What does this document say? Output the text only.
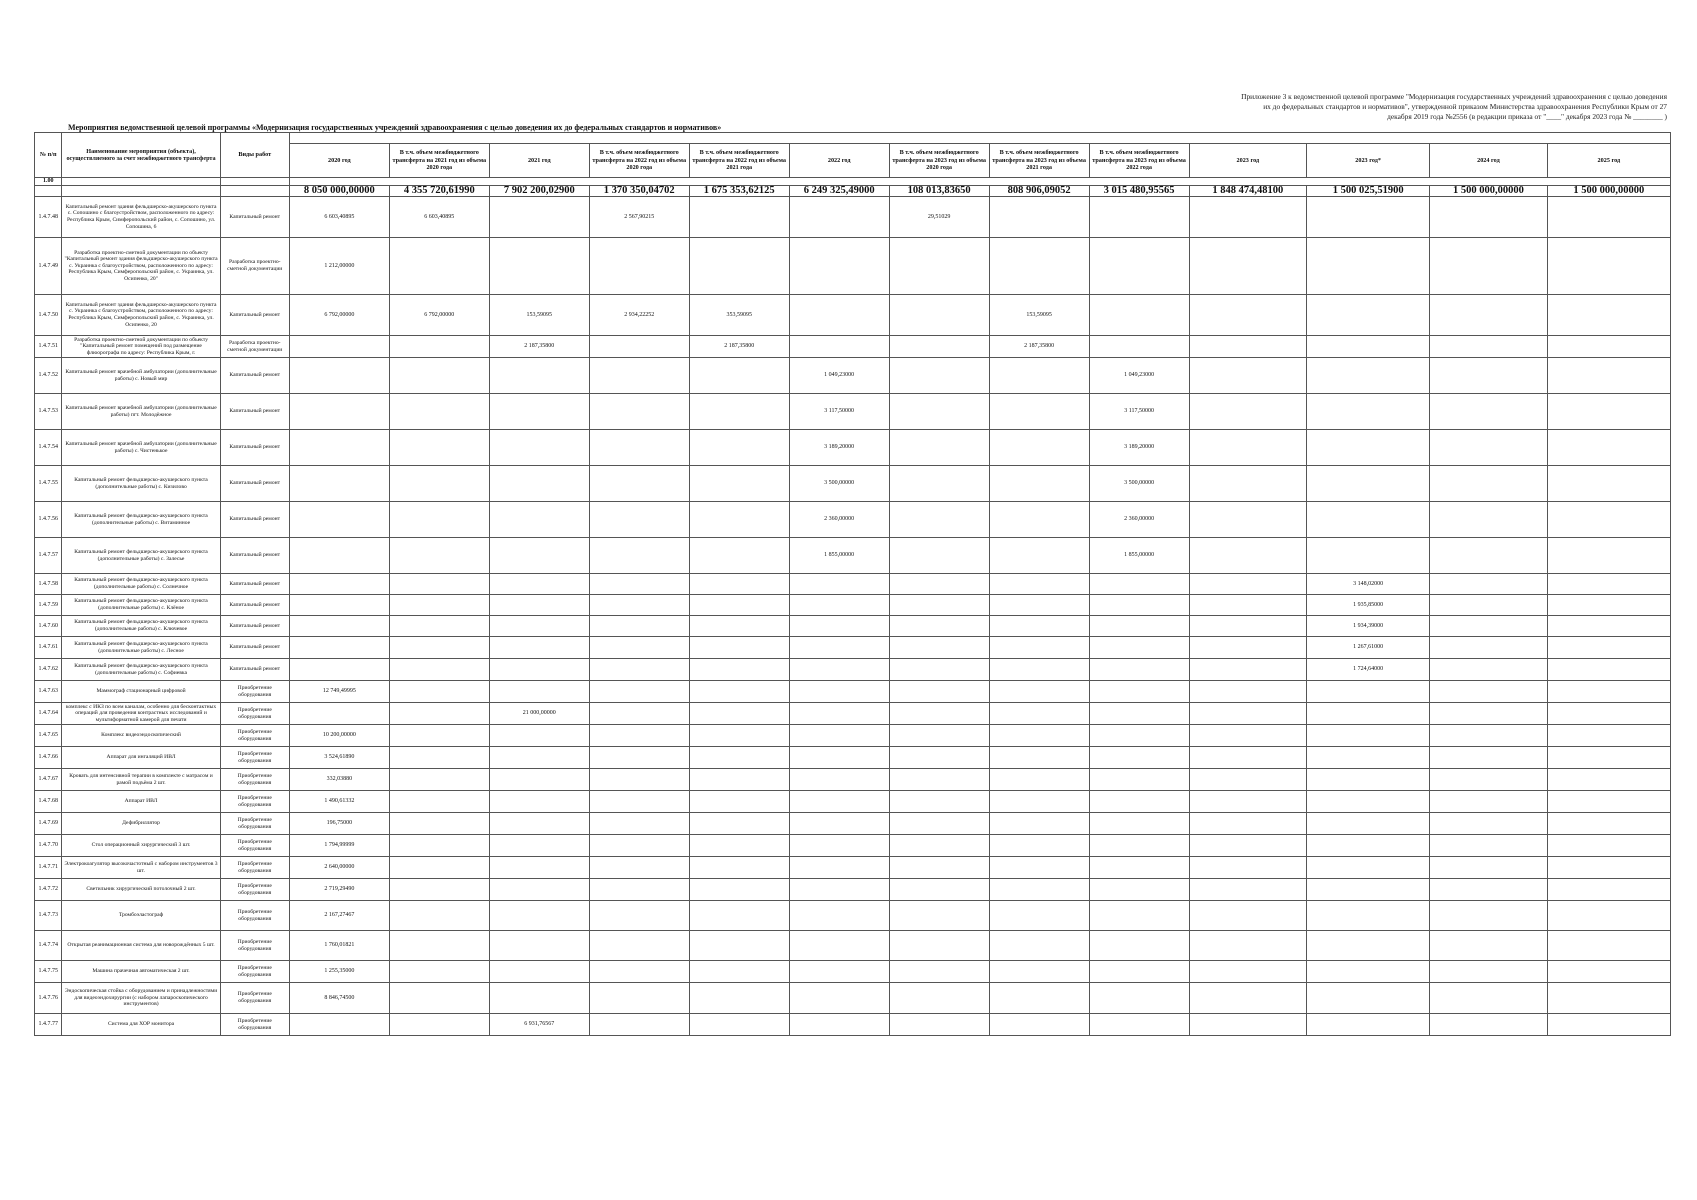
Приложение 3 к ведомственной целевой программе "Модернизация государственных учреждений здравоохранения с целью доведения
их до федеральных стандартов и нормативов", утвержденной приказом Министерства здравоохранения Республики Крым от 27
декабря 2019 года №2556 (в редакции приказа от "____" декабря 2023 года № ________ )
Мероприятия ведомственной целевой программы «Модернизация государственных учреждений здравоохранения с целью доведения их до федеральных стандартов и нормативов»
№ п/п	Наименование мероприятия (объекта), осуществляемого за счет межбюджетного трансферта	Виды работ													
			2020 год	В т.ч. объем межбюджетного трансферта на 2021 год из объема 2020 года	2021 год	В т.ч. объем межбюджетного трансферта на 2022 год из объема 2020 года	В т.ч. объем межбюджетного трансферта на 2022 год из объема 2021 года	2022 год	В т.ч. объем межбюджетного трансферта на 2023 год из объема 2020 года	В т.ч. объем межбюджетного трансферта на 2023 год из объема 2021 года	В т.ч. объем межбюджетного трансферта на 2023 год из объема 2022 года	2023 год	2023 год*	2024 год	2025 год
1.00															
			8 050 000,00000	4 355 720,61990	7 902 200,02900	1 370 350,04702	1 675 353,62125	6 249 325,49000	108 013,83650	808 906,09052	3 015 480,95565	1 848 474,48100	1 500 025,51900	1 500 000,00000	1 500 000,00000
1.4.7.48	Капитальный ремонт здания фельдшерско-акушерского пункта с. Сопошино с благоустройством, расположенного по адресу: Республика Крым, Симферопольский район, с. Сопошино, ул. Сопошина, 6	Капитальный ремонт	6 603,40895	6 603,40895		2 567,90215			29,51029						
1.4.7.49	Разработка проектно-сметной документации по объекту "Капитальный ремонт здания фельдшерско-акушерского пункта с. Украинка с благоустройством, расположенного по адресу: Республика Крым, Симферопольский район, с. Украинка, ул. Осипенко, 20"	Разработка проектно-сметной документации	1 212,00000												
1.4.7.50	Капитальный ремонт здания фельдшерско-акушерского пункта с. Украинка с благоустройством, расположенного по адресу: Республика Крым, Симферопольский район, с. Украинка, ул. Осипенко, 20	Капитальный ремонт	6 792,00000	6 792,00000	153,59095	2 934,22252	353,59095			153,59095					
1.4.7.51	Разработка проектно-сметной документации по объекту "Капитальный ремонт помещений под размещение флюорографа по адресу: Республика Крым, г.	Разработка проектно-сметной документации			2 187,35800		2 187,35800			2 187,35800					
1.4.7.52	Капитальный ремонт врачебной амбулатории (дополнительные работы) с. Новый мир	Капитальный ремонт						1 049,23000			1 049,23000				
1.4.7.53	Капитальный ремонт врачебной амбулатории (дополнительные работы) пгт. Молодёжное	Капитальный ремонт						3 117,50000			3 117,50000				
1.4.7.54	Капитальный ремонт врачебной амбулатории (дополнительные работы) с. Чистенькое	Капитальный ремонт						3 189,20000			3 189,20000				
1.4.7.55	Капитальный ремонт фельдшерско-акушерского пункта (дополнительные работы) с. Кизилово	Капитальный ремонт						3 500,00000			3 500,00000				
1.4.7.56	Капитальный ремонт фельдшерско-акушерского пункта (дополнительные работы) с. Витаминное	Капитальный ремонт						2 360,00000			2 360,00000				
1.4.7.57	Капитальный ремонт фельдшерско-акушерского пункта (дополнительные работы) с. Залесье	Капитальный ремонт						1 855,00000			1 855,00000				
1.4.7.58	Капитальный ремонт фельдшерско-акушерского пункта (дополнительные работы) с. Солнечное	Капитальный ремонт											3 148,02000		
1.4.7.59	Капитальный ремонт фельдшерско-акушерского пункта (дополнительные работы) с. Клёное	Капитальный ремонт											1 935,85000		
1.4.7.60	Капитальный ремонт фельдшерско-акушерского пункта (дополнительные работы) с. Ключевое	Капитальный ремонт											1 934,39000		
1.4.7.61	Капитальный ремонт фельдшерско-акушерского пункта (дополнительные работы) с. Лесное	Капитальный ремонт											1 267,61000		
1.4.7.62	Капитальный ремонт фельдшерско-акушерского пункта (дополнительные работы) с. Софиевка	Капитальный ремонт											1 724,64000		
1.4.7.63	Маммограф стационарный цифровой	Приобретение оборудования	12 749,49995												
1.4.7.64	комплекс с ИКЗ по всем каналам, особенно для бесконтактных операций для проведения контрастных исследований и мультиформатной камерой для печати	Приобретение оборудования			21 000,00000										
1.4.7.65	Комплекс видеоэндоскопический	Приобретение оборудования	10 200,00000												
1.4.7.66	Аппарат для ингаляций ИВЛ	Приобретение оборудования	3 524,61890												
1.4.7.67	Кровать для интенсивной терапии в комплекте с матрасом и рамой подъёма 2 шт.	Приобретение оборудования	332,03880												
1.4.7.68	Аппарат ИВЛ	Приобретение оборудования	1 490,61332												
1.4.7.69	Дефибриллятор	Приобретение оборудования	196,75000												
1.4.7.70	Стол операционный хирургический 3 шт.	Приобретение оборудования	1 794,99999												
1.4.7.71	Электрокоагулятор высокочастотный с набором инструментов 3 шт.	Приобретение оборудования	2 640,00000												
1.4.7.72	Светильник хирургический потолочный 2 шт.	Приобретение оборудования	2 719,29490												
1.4.7.73	Тромбоэластограф	Приобретение оборудования	2 167,27467												
1.4.7.74	Открытая реанимационная система для новорождённых 5 шт.	Приобретение оборудования	1 760,01821												
1.4.7.75	Машина прачечная автоматическая 2 шт.	Приобретение оборудования	1 255,35000												
1.4.7.76	Эндоскопическая стойка с оборудованием и принадлежностями для видеоэндохирургии (с набором лапароскопического инструментов)	Приобретение оборудования	8 846,74500												
1.4.7.77	Система для ХОР монитора	Приобретение оборудования			6 931,76567										
